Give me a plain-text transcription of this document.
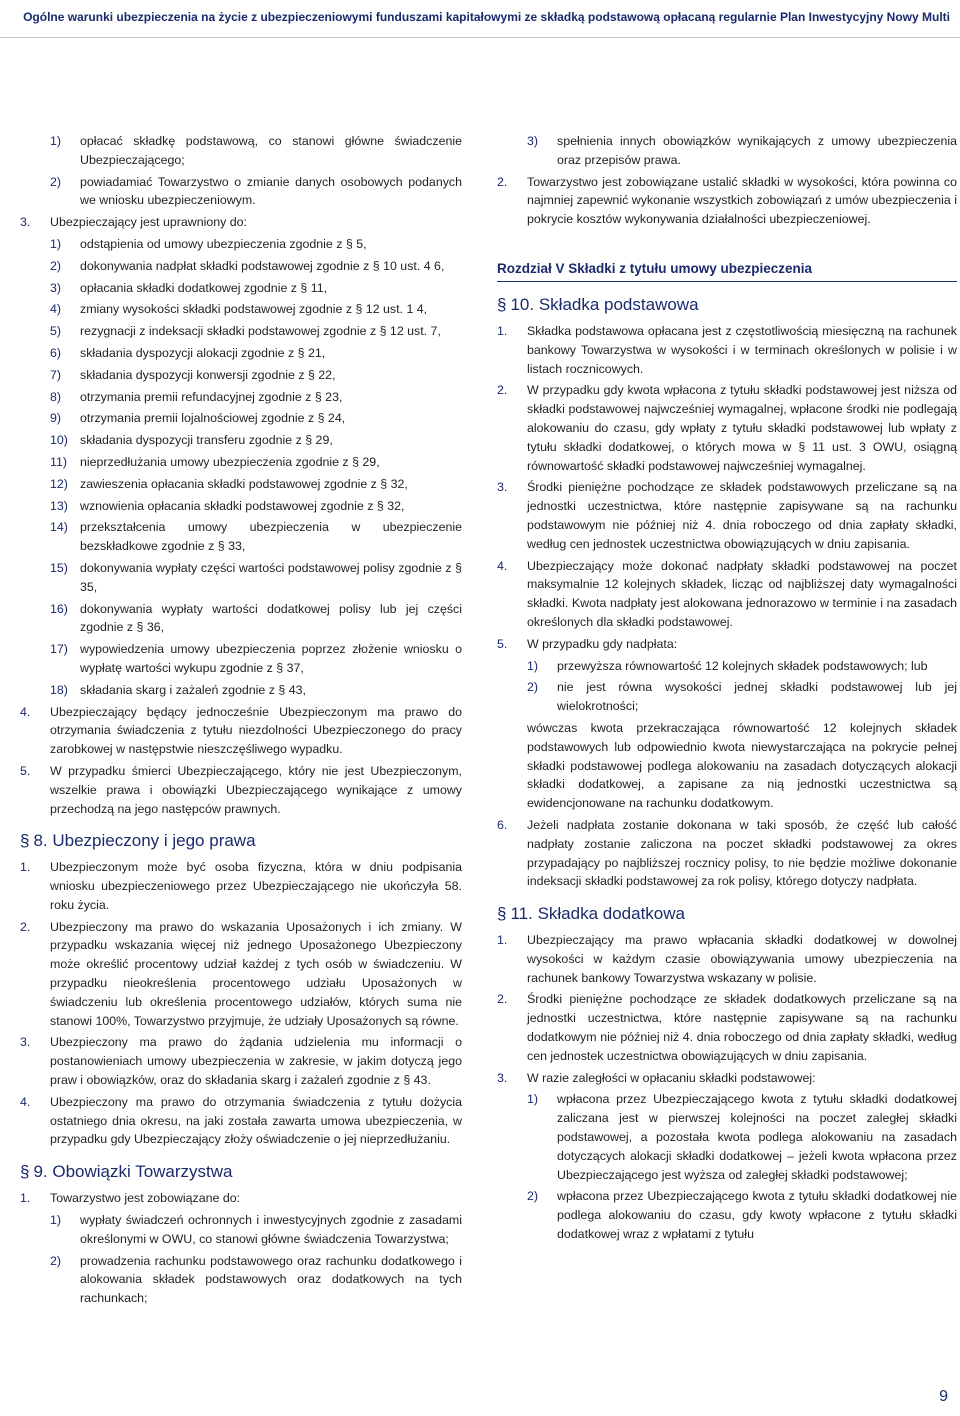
Ogólne warunki ubezpieczenia na życie z ubezpieczeniowymi funduszami kapitałowymi ze składką podstawową opłacaną regularnie Plan Inwestycyjny Nowy Multi
1) opłacać składkę podstawową, co stanowi główne świadczenie Ubezpieczającego;
2) powiadamiać Towarzystwo o zmianie danych osobowych podanych we wniosku ubezpieczeniowym.
3. Ubezpieczający jest uprawniony do:
1) odstąpienia od umowy ubezpieczenia zgodnie z § 5,
2) dokonywania nadpłat składki podstawowej zgodnie z § 10 ust. 4 6,
3) opłacania składki dodatkowej zgodnie z § 11,
4) zmiany wysokości składki podstawowej zgodnie z § 12 ust. 1 4,
5) rezygnacji z indeksacji składki podstawowej zgodnie z § 12 ust. 7,
6) składania dyspozycji alokacji zgodnie z § 21,
7) składania dyspozycji konwersji zgodnie z § 22,
8) otrzymania premii refundacyjnej zgodnie z § 23,
9) otrzymania premii lojalnościowej zgodnie z § 24,
10) składania dyspozycji transferu zgodnie z § 29,
11) nieprzedłużania umowy ubezpieczenia zgodnie z § 29,
12) zawieszenia opłacania składki podstawowej zgodnie z § 32,
13) wznowienia opłacania składki podstawowej zgodnie z § 32,
14) przekształcenia umowy ubezpieczenia w ubezpieczenie bezskładkowe zgodnie z § 33,
15) dokonywania wypłaty części wartości podstawowej polisy zgodnie z § 35,
16) dokonywania wypłaty wartości dodatkowej polisy lub jej części zgodnie z § 36,
17) wypowiedzenia umowy ubezpieczenia poprzez złożenie wniosku o wypłatę wartości wykupu zgodnie z § 37,
18) składania skarg i zażaleń zgodnie z § 43,
4. Ubezpieczający będący jednocześnie Ubezpieczonym ma prawo do otrzymania świadczenia z tytułu niezdolności Ubezpieczonego do pracy zarobkowej w następstwie nieszczęśliwego wypadku.
5. W przypadku śmierci Ubezpieczającego, który nie jest Ubezpieczonym, wszelkie prawa i obowiązki Ubezpieczającego wynikające z umowy przechodzą na jego następców prawnych.
§ 8. Ubezpieczony i jego prawa
1. Ubezpieczonym może być osoba fizyczna, która w dniu podpisania wniosku ubezpieczeniowego przez Ubezpieczającego nie ukończyła 58. roku życia.
2. Ubezpieczony ma prawo do wskazania Uposażonych i ich zmiany. W przypadku wskazania więcej niż jednego Uposażonego Ubezpieczony może określić procentowy udział każdej z tych osób w świadczeniu. W przypadku nieokreślenia procentowego udziału Uposażonych w świadczeniu lub określenia procentowego udziałów, których suma nie stanowi 100%, Towarzystwo przyjmuje, że udziały Uposażonych są równe.
3. Ubezpieczony ma prawo do żądania udzielenia mu informacji o postanowieniach umowy ubezpieczenia w zakresie, w jakim dotyczą jego praw i obowiązków, oraz do składania skarg i zażaleń zgodnie z § 43.
4. Ubezpieczony ma prawo do otrzymania świadczenia z tytułu dożycia ostatniego dnia okresu, na jaki została zawarta umowa ubezpieczenia, w przypadku gdy Ubezpieczający złoży oświadczenie o jej nieprzedłużaniu.
§ 9. Obowiązki Towarzystwa
1. Towarzystwo jest zobowiązane do:
1) wypłaty świadczeń ochronnych i inwestycyjnych zgodnie z zasadami określonymi w OWU, co stanowi główne świadczenia Towarzystwa;
2) prowadzenia rachunku podstawowego oraz rachunku dodatkowego i alokowania składek podstawowych oraz dodatkowych na tych rachunkach;
3) spełnienia innych obowiązków wynikających z umowy ubezpieczenia oraz przepisów prawa.
2. Towarzystwo jest zobowiązane ustalić składki w wysokości, która powinna co najmniej zapewnić wykonanie wszystkich zobowiązań z umów ubezpieczenia i pokrycie kosztów wykonywania działalności ubezpieczeniowej.
Rozdział V Składki z tytułu umowy ubezpieczenia
§ 10. Składka podstawowa
1. Składka podstawowa opłacana jest z częstotliwością miesięczną na rachunek bankowy Towarzystwa w wysokości i w terminach określonych w polisie i w listach rocznicowych.
2. W przypadku gdy kwota wpłacona z tytułu składki podstawowej jest niższa od składki podstawowej najwcześniej wymagalnej, wpłacone środki nie podlegają alokowaniu do czasu, gdy wpłaty z tytułu składki podstawowej lub wpłaty z tytułu składki dodatkowej, o których mowa w § 11 ust. 3 OWU, osiągną równowartość składki podstawowej najwcześniej wymagalnej.
3. Środki pieniężne pochodzące ze składek podstawowych przeliczane są na jednostki uczestnictwa, które następnie zapisywane są na rachunku podstawowym nie później niż 4. dnia roboczego od dnia zapłaty składki, według cen jednostek uczestnictwa obowiązujących w dniu zapisania.
4. Ubezpieczający może dokonać nadpłaty składki podstawowej na poczet maksymalnie 12 kolejnych składek, licząc od najbliższej daty wymagalności składki. Kwota nadpłaty jest alokowana jednorazowo w terminie i na zasadach określonych dla składki podstawowej.
5. W przypadku gdy nadpłata:
1) przewyższa równowartość 12 kolejnych składek podstawowych; lub
2) nie jest równa wysokości jednej składki podstawowej lub jej wielokrotności;
wówczas kwota przekraczająca równowartość 12 kolejnych składek podstawowych lub odpowiednio kwota niewystarczająca na pokrycie pełnej składki podstawowej podlega alokowaniu na zasadach dotyczących alokacji składki dodatkowej, a zapisane za nią jednostki uczestnictwa są ewidencjonowane na rachunku dodatkowym.
6. Jeżeli nadpłata zostanie dokonana w taki sposób, że część lub całość nadpłaty zostanie zaliczona na poczet składki podstawowej za okres przypadający po najbliższej rocznicy polisy, to nie będzie możliwe dokonanie indeksacji składki podstawowej za rok polisy, którego dotyczy nadpłata.
§ 11. Składka dodatkowa
1. Ubezpieczający ma prawo wpłacania składki dodatkowej w dowolnej wysokości w każdym czasie obowiązywania umowy ubezpieczenia na rachunek bankowy Towarzystwa wskazany w polisie.
2. Środki pieniężne pochodzące ze składek dodatkowych przeliczane są na jednostki uczestnictwa, które następnie zapisywane są na rachunku dodatkowym nie później niż 4. dnia roboczego od dnia zapłaty składki, według cen jednostek uczestnictwa obowiązujących w dniu zapisania.
3. W razie zaległości w opłacaniu składki podstawowej:
1) wpłacona przez Ubezpieczającego kwota z tytułu składki dodatkowej zaliczana jest w pierwszej kolejności na poczet zaległej składki podstawowej, a pozostała kwota podlega alokowaniu na zasadach dotyczących alokacji składki dodatkowej – jeżeli kwota wpłacona przez Ubezpieczającego jest wyższa od zaległej składki podstawowej;
2) wpłacona przez Ubezpieczającego kwota z tytułu składki dodatkowej nie podlega alokowaniu do czasu, gdy kwoty wpłacone z tytułu składki dodatkowej wraz z wpłatami z tytułu
9
